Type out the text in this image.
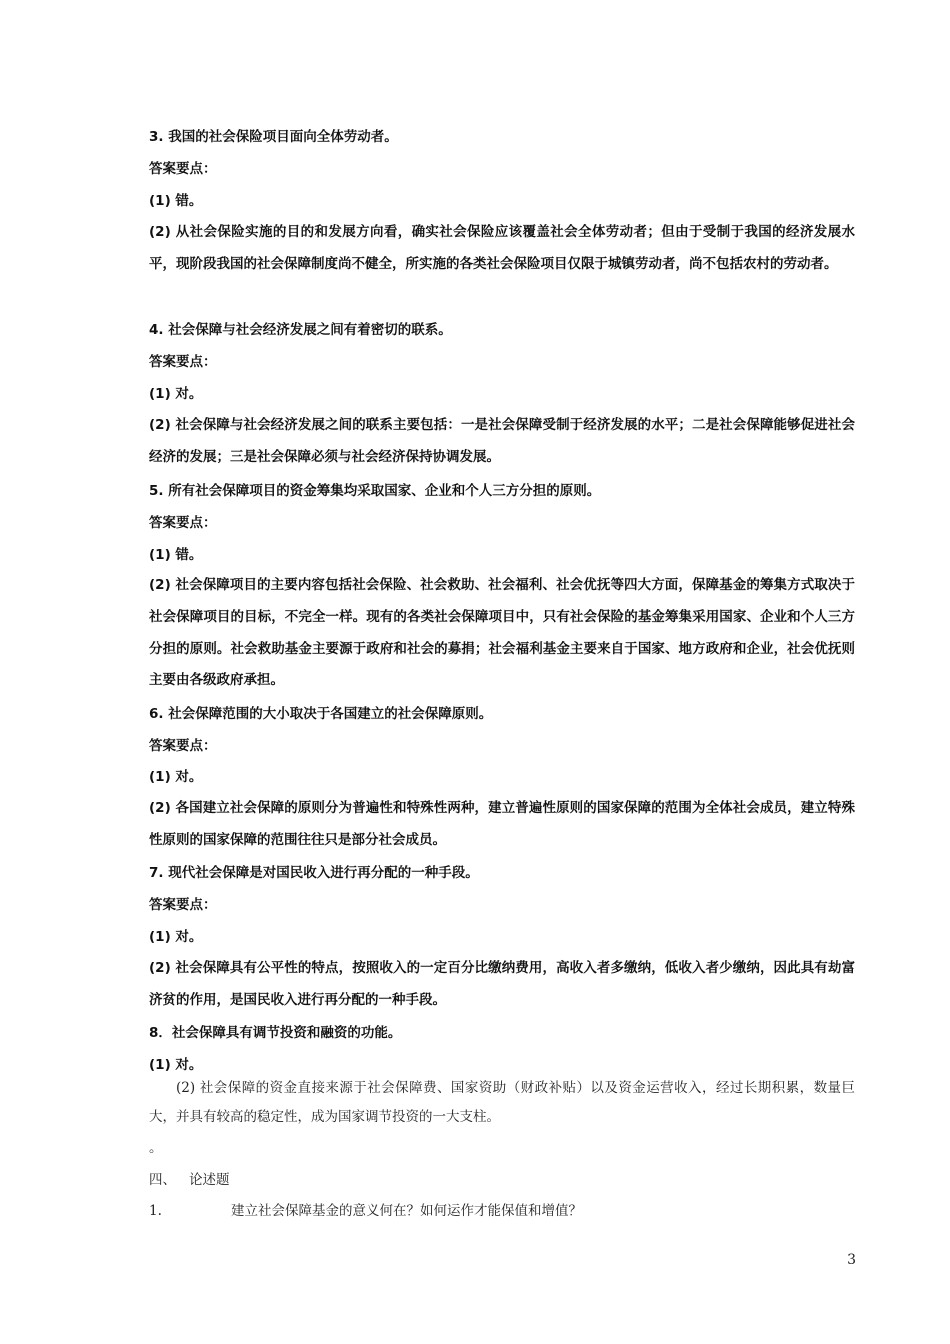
3. 我国的社会保险项目面向全体劳动者。
答案要点：
(1) 错。
(2) 从社会保险实施的目的和发展方向看，确实社会保险应该覆盖社会全体劳动者；但由于受制于我国的经济发展水平，现阶段我国的社会保障制度尚不健全，所实施的各类社会保险项目仅限于城镇劳动者，尚不包括农村的劳动者。
4. 社会保障与社会经济发展之间有着密切的联系。
答案要点：
(1) 对。
(2) 社会保障与社会经济发展之间的联系主要包括：一是社会保障受制于经济发展的水平；二是社会保障能够促进社会经济的发展；三是社会保障必须与社会经济保持协调发展。
5. 所有社会保障项目的资金筹集均采取国家、企业和个人三方分担的原则。
答案要点：
(1) 错。
(2) 社会保障项目的主要内容包括社会保险、社会救助、社会福利、社会优抚等四大方面，保障基金的筹集方式取决于社会保障项目的目标，不完全一样。现有的各类社会保障项目中，只有社会保险的基金筹集采用国家、企业和个人三方分担的原则。社会救助基金主要源于政府和社会的募捐；社会福利基金主要来自于国家、地方政府和企业，社会优抚则主要由各级政府承担。
6. 社会保障范围的大小取决于各国建立的社会保障原则。
答案要点：
(1) 对。
(2) 各国建立社会保障的原则分为普遍性和特殊性两种，建立普遍性原则的国家保障的范围为全体社会成员，建立特殊性原则的国家保障的范围往往只是部分社会成员。
7. 现代社会保障是对国民收入进行再分配的一种手段。
答案要点：
(1) 对。
(2) 社会保障具有公平性的特点，按照收入的一定百分比缴纳费用，高收入者多缴纳，低收入者少缴纳，因此具有劫富济贫的作用，是国民收入进行再分配的一种手段。
8．社会保障具有调节投资和融资的功能。
(1) 对。
(2) 社会保障的资金直接来源于社会保障费、国家资助（财政补贴）以及资金运营收入，经过长期积累，数量巨大，并具有较高的稳定性，成为国家调节投资的一大支柱。
。
四、 论述题
1.	建立社会保障基金的意义何在？如何运作才能保值和增值？
3
